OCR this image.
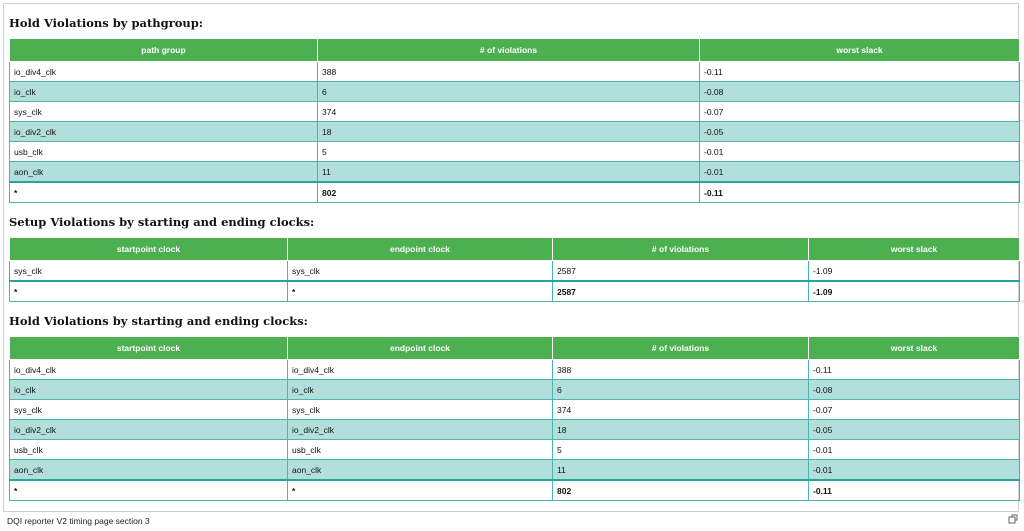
Hold Violations by pathgroup:
path group	# of violations	worst slack
io_div4_clk	388	-0.11
io_clk	6	-0.08
sys_clk	374	-0.07
io_div2_clk	18	-0.05
usb_clk	5	-0.01
aon_clk	11	-0.01
*	802	-0.11
Setup Violations by starting and ending clocks:
startpoint clock	endpoint clock	# of violations	worst slack
sys_clk	sys_clk	2587	-1.09
*	*	2587	-1.09
Hold Violations by starting and ending clocks:
startpoint clock	endpoint clock	# of violations	worst slack
io_div4_clk	io_div4_clk	388	-0.11
io_clk	io_clk	6	-0.08
sys_clk	sys_clk	374	-0.07
io_div2_clk	io_div2_clk	18	-0.05
usb_clk	usb_clk	5	-0.01
aon_clk	aon_clk	11	-0.01
*	*	802	-0.11
DQI reporter V2 timing page section 3
